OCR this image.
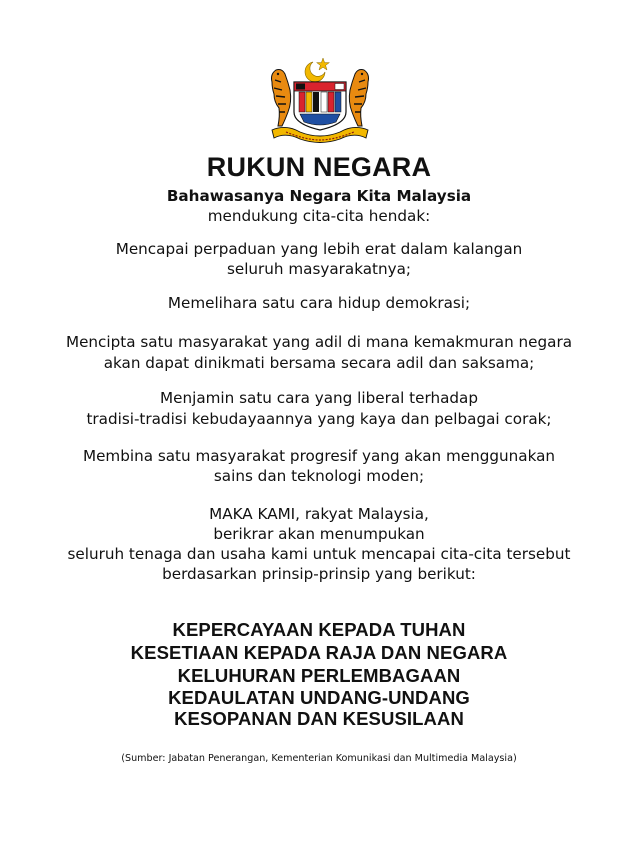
RUKUN NEGARA
Bahawasanya Negara Kita Malaysia
mendukung cita-cita hendak:
Mencapai perpaduan yang lebih erat dalam kalangan
seluruh masyarakatnya;
Memelihara satu cara hidup demokrasi;
Mencipta satu masyarakat yang adil di mana kemakmuran negara
akan dapat dinikmati bersama secara adil dan saksama;
Menjamin satu cara yang liberal terhadap
tradisi-tradisi kebudayaannya yang kaya dan pelbagai corak;
Membina satu masyarakat progresif yang akan menggunakan
sains dan teknologi moden;
MAKA KAMI, rakyat Malaysia,
berikrar akan menumpukan
seluruh tenaga dan usaha kami untuk mencapai cita-cita tersebut
berdasarkan prinsip-prinsip yang berikut:
KEPERCAYAAN KEPADA TUHAN
KESETIAAN KEPADA RAJA DAN NEGARA
KELUHURAN PERLEMBAGAAN
KEDAULATAN UNDANG-UNDANG
KESOPANAN DAN KESUSILAAN
(Sumber: Jabatan Penerangan, Kementerian Komunikasi dan Multimedia Malaysia)
